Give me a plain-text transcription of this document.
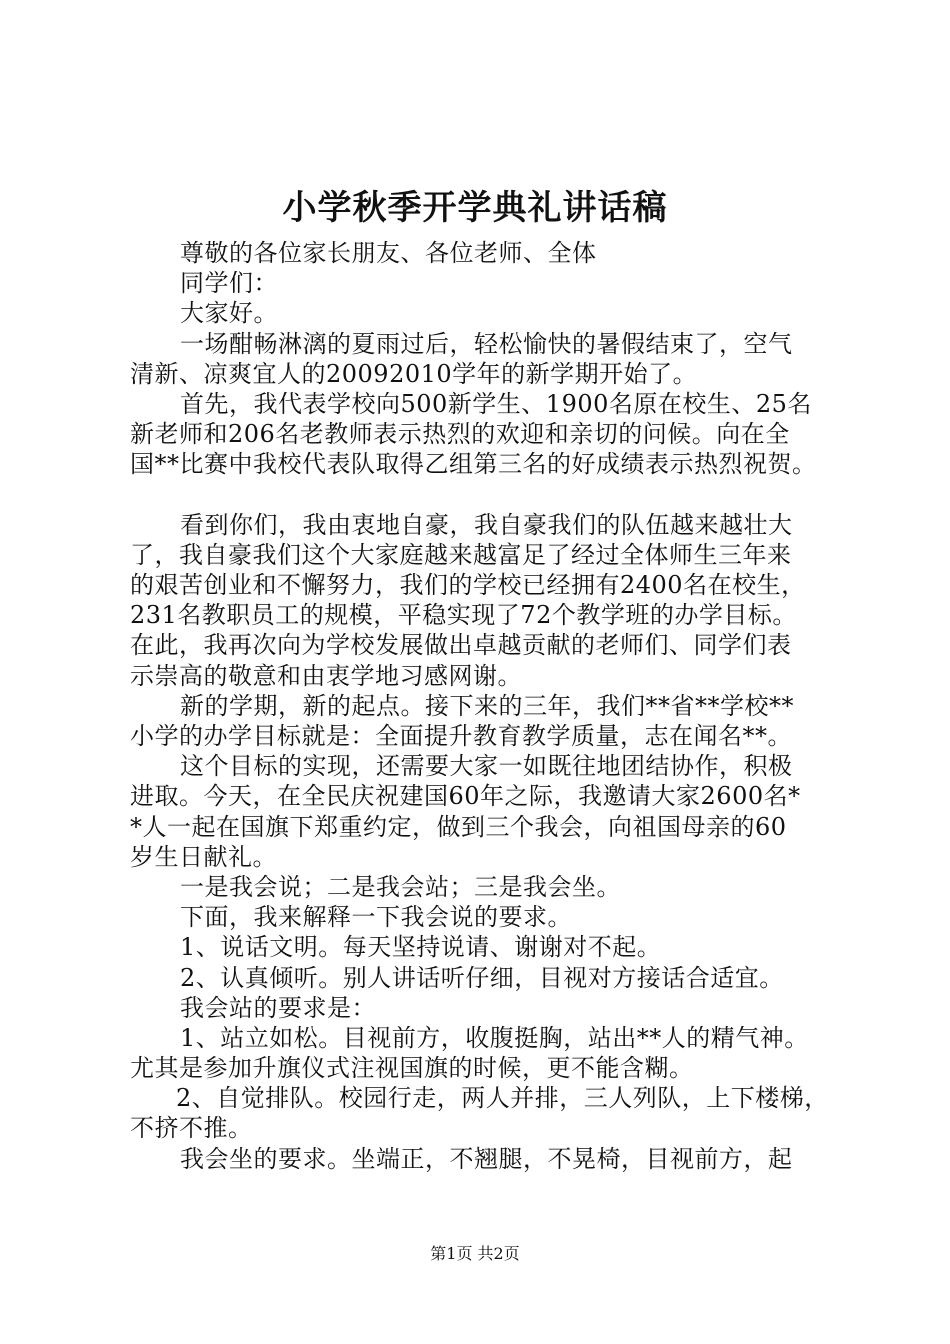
小学秋季开学典礼讲话稿
尊敬的各位家长朋友、各位老师、全体
同学们：
大家好。
一场酣畅淋漓的夏雨过后，轻松愉快的暑假结束了，空气
清新、凉爽宜人的20092010学年的新学期开始了。
首先，我代表学校向500新学生、1900名原在校生、25名
新老师和206名老教师表示热烈的欢迎和亲切的问候。向在全
国**比赛中我校代表队取得乙组第三名的好成绩表示热烈祝贺。
看到你们，我由衷地自豪，我自豪我们的队伍越来越壮大
了，我自豪我们这个大家庭越来越富足了经过全体师生三年来
的艰苦创业和不懈努力，我们的学校已经拥有2400名在校生，
231名教职员工的规模，平稳实现了72个教学班的办学目标。
在此，我再次向为学校发展做出卓越贡献的老师们、同学们表
示崇高的敬意和由衷学地习感网谢。
新的学期，新的起点。接下来的三年，我们**省**学校**
小学的办学目标就是：全面提升教育教学质量，志在闻名**。
这个目标的实现，还需要大家一如既往地团结协作，积极
进取。今天，在全民庆祝建国60年之际，我邀请大家2600名*
*人一起在国旗下郑重约定，做到三个我会，向祖国母亲的60
岁生日献礼。
一是我会说；二是我会站；三是我会坐。
下面，我来解释一下我会说的要求。
1、说话文明。每天坚持说请、谢谢对不起。
2、认真倾听。别人讲话听仔细，目视对方接话合适宜。
我会站的要求是：
1、站立如松。目视前方，收腹挺胸，站出**人的精气神。
尤其是参加升旗仪式注视国旗的时候，更不能含糊。
2、自觉排队。校园行走，两人并排，三人列队，上下楼梯，
不挤不推。
我会坐的要求。坐端正，不翘腿，不晃椅，目视前方，起
第1页 共2页
